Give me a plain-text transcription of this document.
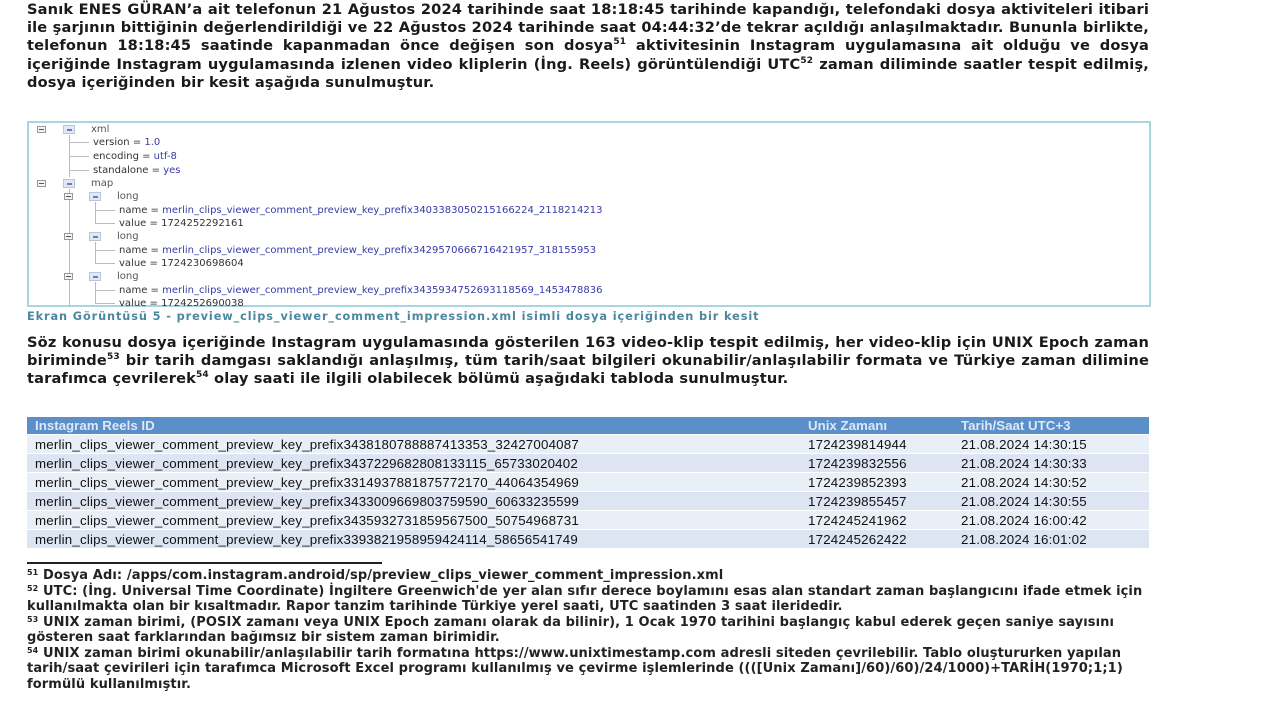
Sanık ENES GÜRAN’a ait telefonun 21 Ağustos 2024 tarihinde saat 18:18:45 tarihinde kapandığı, telefondaki dosya aktiviteleri itibari ile şarjının bittiğinin değerlendirildiği ve 22 Ağustos 2024 tarihinde saat 04:44:32’de tekrar açıldığı anlaşılmaktadır. Bununla birlikte, telefonun 18:18:45 saatinde kapanmadan önce değişen son dosya$^{51}$ aktivitesinin Instagram uygulamasına ait olduğu ve dosya içeriğinde Instagram uygulamasında izlenen video kliplerin (İng. Reels) görüntülendiği UTC$^{52}$ zaman diliminde saatler tespit edilmiş, dosya içeriğinden bir kesit aşağıda sunulmuştur.
xml
version = 1.0
encoding = utf-8
standalone = yes
map
long
name = merlin_clips_viewer_comment_preview_key_prefix3403383050215166224_2118214213
value = 1724252292161
long
name = merlin_clips_viewer_comment_preview_key_prefix3429570666716421957_318155953
value = 1724230698604
long
name = merlin_clips_viewer_comment_preview_key_prefix3435934752693118569_1453478836
value = 1724252690038
Ekran Görüntüsü 5 - preview_clips_viewer_comment_impression.xml isimli dosya içeriğinden bir kesit
Söz konusu dosya içeriğinde Instagram uygulamasında gösterilen 163 video-klip tespit edilmiş, her video-klip için UNIX Epoch zaman biriminde$^{53}$ bir tarih damgası saklandığı anlaşılmış, tüm tarih/saat bilgileri okunabilir/anlaşılabilir formata ve Türkiye zaman dilimine tarafımca çevrilerek$^{54}$ olay saati ile ilgili olabilecek bölümü aşağıdaki tabloda sunulmuştur.
Instagram Reels ID	Unix Zamanı	Tarih/Saat UTC+3
merlin_clips_viewer_comment_preview_key_prefix3438180788887413353_32427004087	1724239814944	21.08.2024 14:30:15
merlin_clips_viewer_comment_preview_key_prefix3437229682808133115_65733020402	1724239832556	21.08.2024 14:30:33
merlin_clips_viewer_comment_preview_key_prefix3314937881875772170_44064354969	1724239852393	21.08.2024 14:30:52
merlin_clips_viewer_comment_preview_key_prefix3433009669803759590_60633235599	1724239855457	21.08.2024 14:30:55
merlin_clips_viewer_comment_preview_key_prefix3435932731859567500_50754968731	1724245241962	21.08.2024 16:00:42
merlin_clips_viewer_comment_preview_key_prefix3393821958959424114_58656541749	1724245262422	21.08.2024 16:01:02

$^{51}$ Dosya Adı: /apps/com.instagram.android/sp/preview_clips_viewer_comment_impression.xml

$^{52}$ UTC: (İng. Universal Time Coordinate) İngiltere Greenwich'de yer alan sıfır derece boylamını esas alan standart zaman başlangıcını ifade etmek için kullanılmakta olan bir kısaltmadır. Rapor tanzim tarihinde Türkiye yerel saati, UTC saatinden 3 saat ileridedir.

$^{53}$ UNIX zaman birimi, (POSIX zamanı veya UNIX Epoch zamanı olarak da bilinir), 1 Ocak 1970 tarihini başlangıç kabul ederek geçen saniye sayısını gösteren saat farklarından bağımsız bir sistem zaman birimidir.

$^{54}$ UNIX zaman birimi okunabilir/anlaşılabilir tarih formatına https://www.unixtimestamp.com adresli siteden çevrilebilir. Tablo oluştururken yapılan tarih/saat çevirileri için tarafımca Microsoft Excel programı kullanılmış ve çevirme işlemlerinde ((([Unix Zamanı]/60)/60)/24/1000)+TARİH(1970;1;1) formülü kullanılmıştır.
